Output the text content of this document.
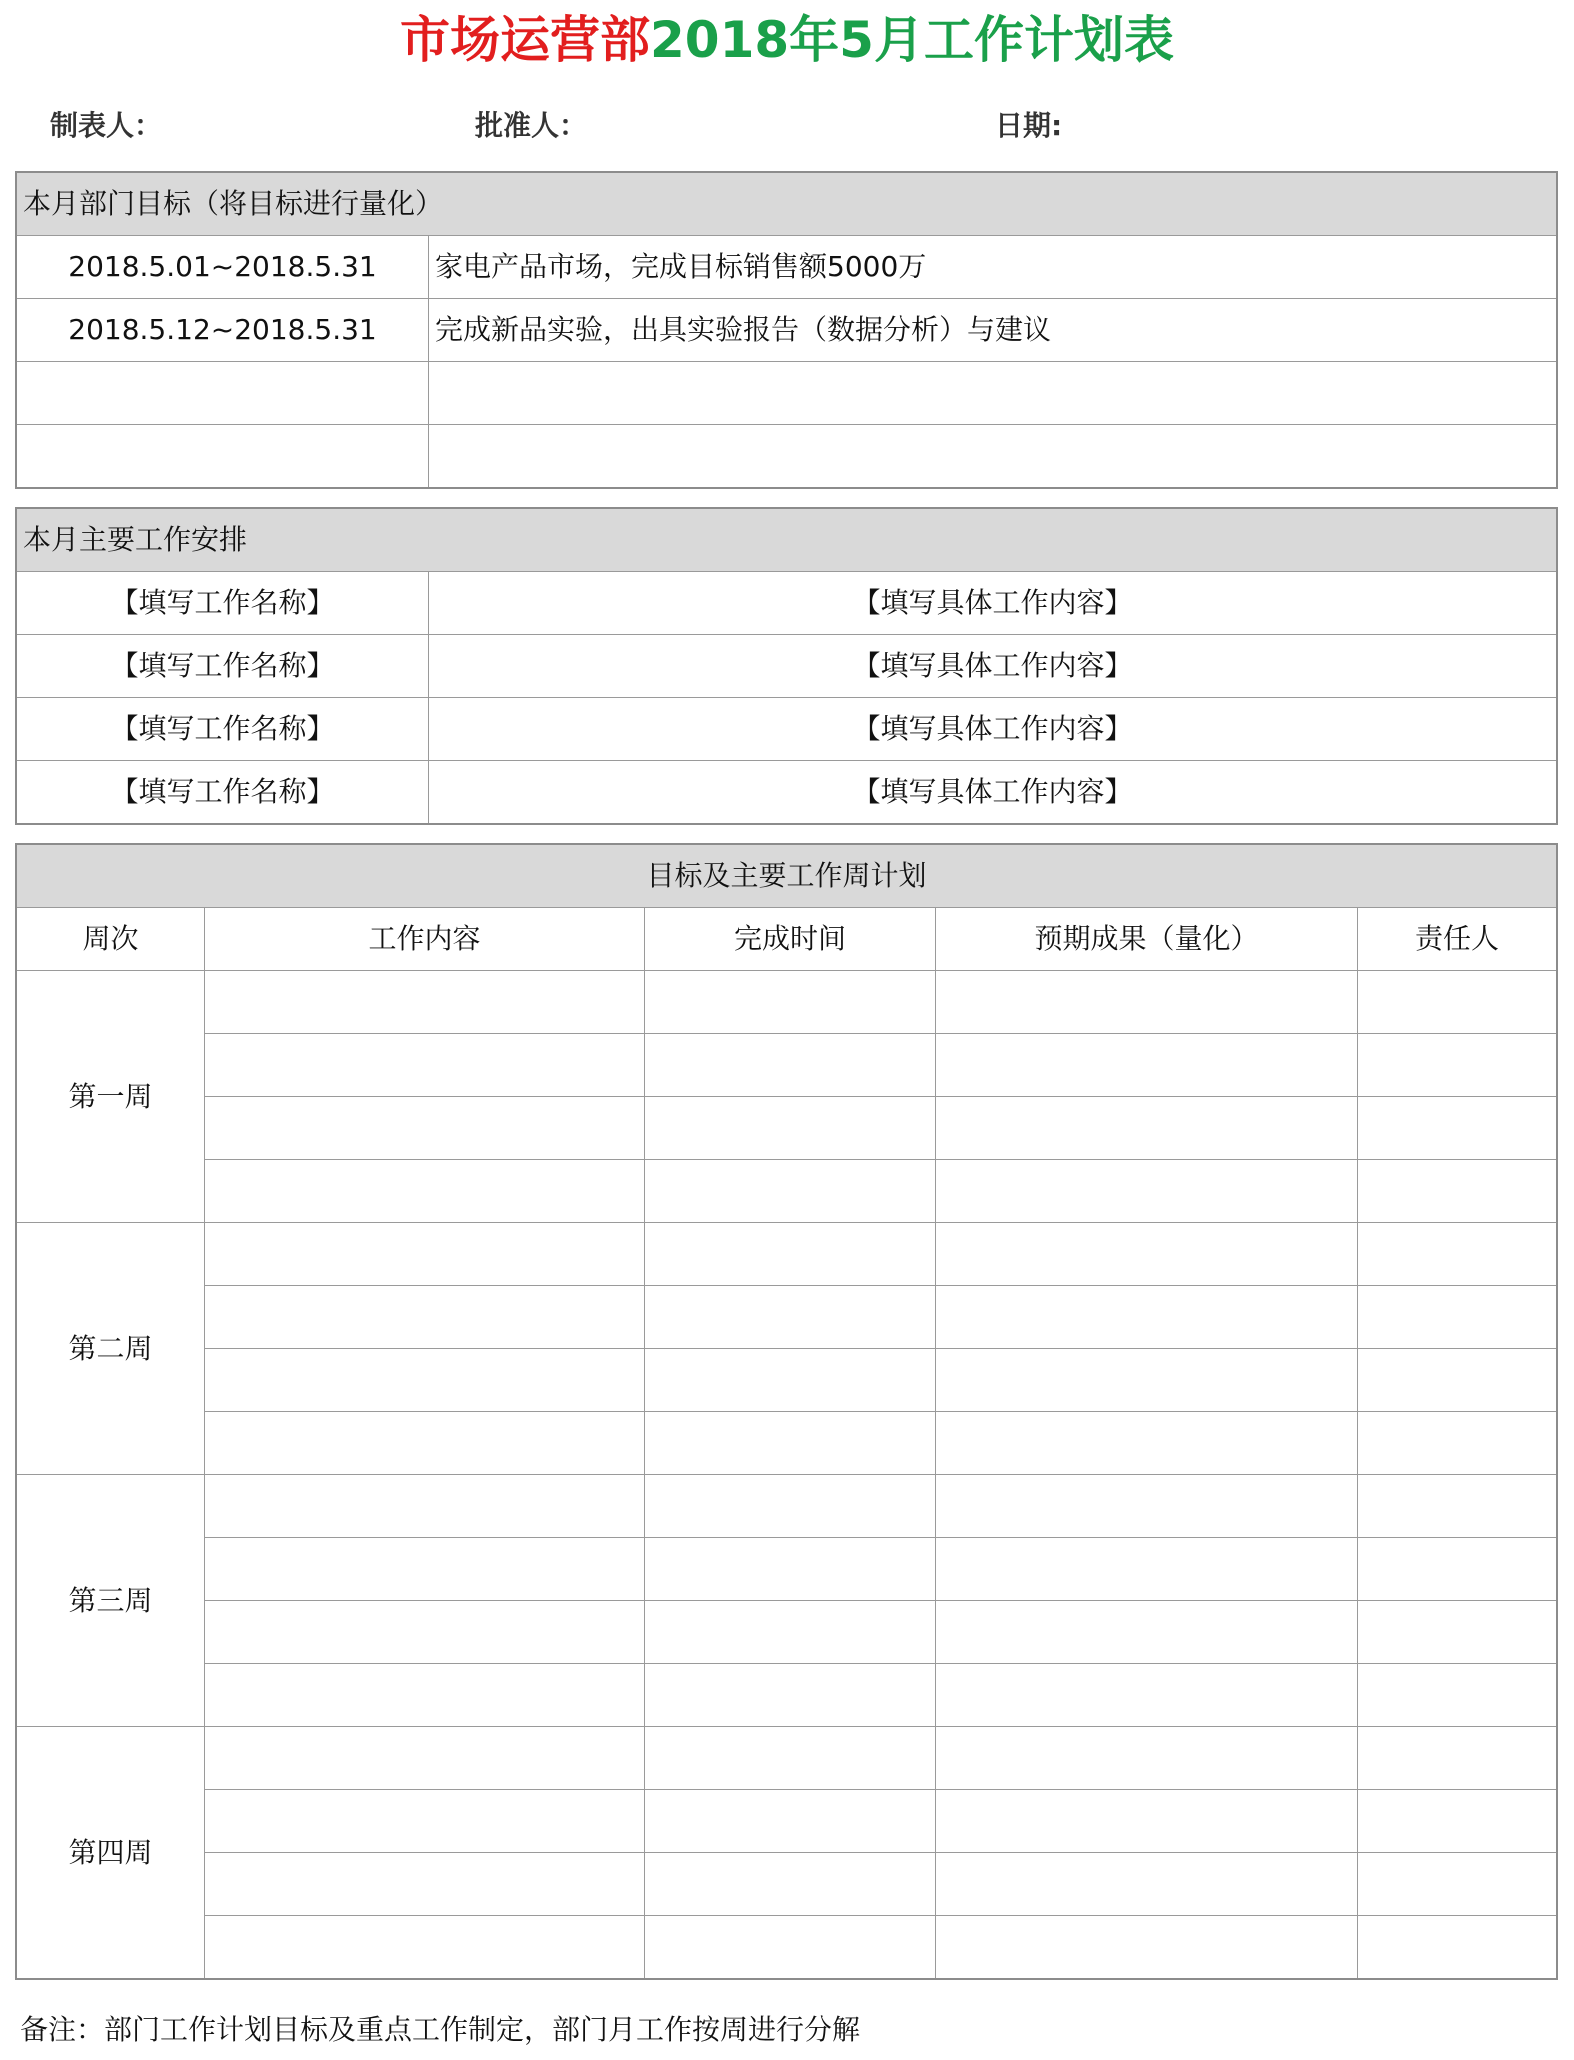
市场运营部2018年5月工作计划表
制表人：	批准人：	日期:
本月部门目标（将目标进行量化）	
2018.5.01~2018.5.31	家电产品市场，完成目标销售额5000万
2018.5.12~2018.5.31	完成新品实验，出具实验报告（数据分析）与建议

本月主要工作安排	
【填写工作名称】	【填写具体工作内容】
【填写工作名称】	【填写具体工作内容】
【填写工作名称】	【填写具体工作内容】
【填写工作名称】	【填写具体工作内容】
目标及主要工作周计划				
周次	工作内容	完成时间	预期成果（量化）	责任人
第一周				

第二周				

第三周				

第四周				

备注：部门工作计划目标及重点工作制定，部门月工作按周进行分解
